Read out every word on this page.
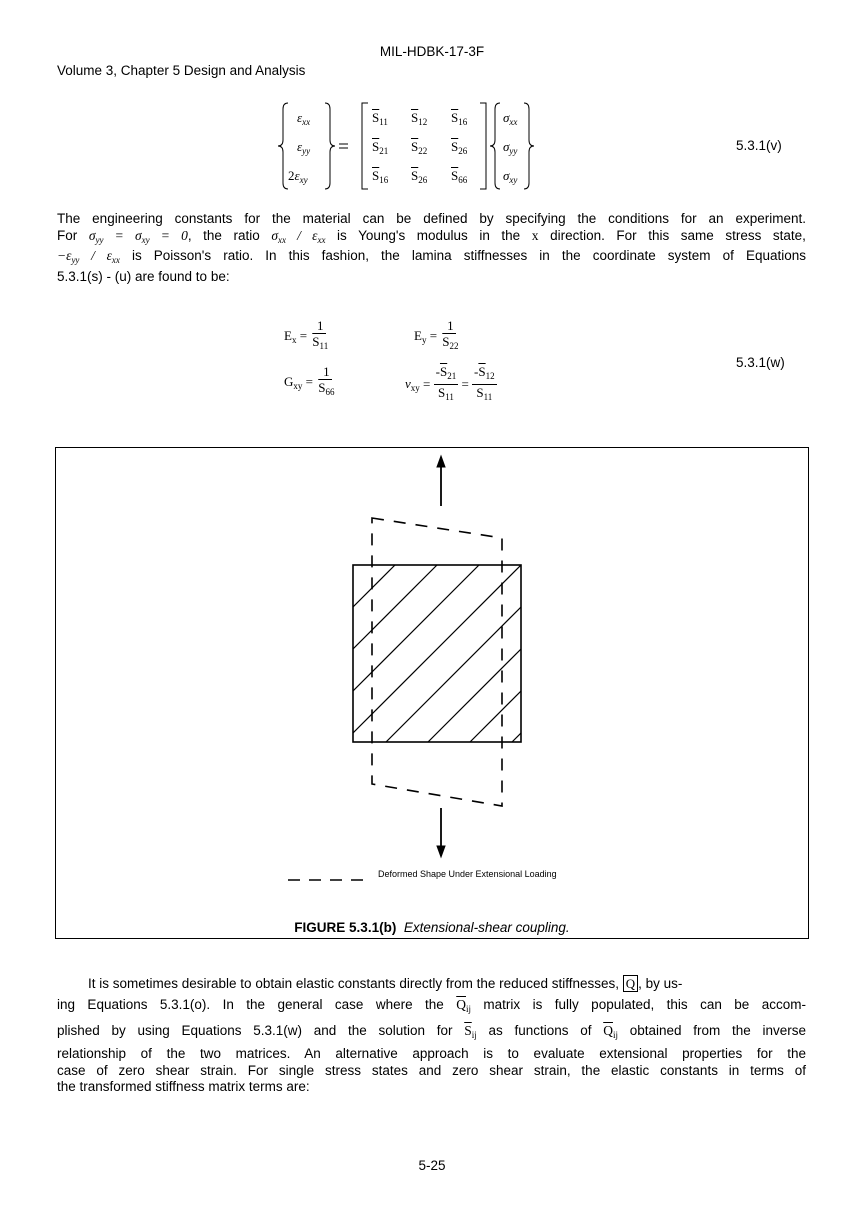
MIL-HDBK-17-3F
Volume 3, Chapter 5 Design and Analysis
$\varepsilon_{xx}$
$\varepsilon_{yy}$
$2\varepsilon_{xy}$
$\overline{S}_{11}$ $\overline{S}_{12}$ $\overline{S}_{16}$
$\overline{S}_{21}$ $\overline{S}_{22}$ $\overline{S}_{26}$
$\overline{S}_{16}$ $\overline{S}_{26}$ $\overline{S}_{66}$
$\sigma_{xx}$
$\sigma_{yy}$
$\sigma_{xy}$
5.3.1(v)

The engineering constants for the material can be defined by specifying the conditions for an experiment.

For $\sigma_{yy} = \sigma_{xy} = 0$, the ratio $\sigma_{xx} / \varepsilon_{xx}$ is Young's modulus in the x direction. For this same stress state,

$-\varepsilon_{yy} / \varepsilon_{xx}$ is Poisson's ratio. In this fashion, the lamina stiffnesses in the coordinate system of Equations

5.3.1(s) - (u) are found to be:

$E_x = \frac{1}{\overline{S}_{11}}$	$E_y = \frac{1}{\overline{S}_{22}}$
$G_{xy} = \frac{1}{\overline{S}_{66}}$	$\nu_{xy} = \frac{-\overline{S}_{21}}{\overline{S}_{11}} = \frac{-\overline{S}_{12}}{\overline{S}_{11}}$
5.3.1(w)
Deformed Shape Under Extensional Loading
FIGURE 5.3.1(b) Extensional-shear coupling.

It is sometimes desirable to obtain elastic constants directly from the reduced stiffnesses, $\overline{Q}$ , by us-

ing Equations 5.3.1(o). In the general case where the $\overline{Q}_{ij}$ matrix is fully populated, this can be accom-

plished by using Equations 5.3.1(w) and the solution for $\overline{S}_{ij}$ as functions of $\overline{Q}_{ij}$ obtained from the inverse

relationship of the two matrices. An alternative approach is to evaluate extensional properties for the

case of zero shear strain. For single stress states and zero shear strain, the elastic constants in terms of

the transformed stiffness matrix terms are:

5-25
